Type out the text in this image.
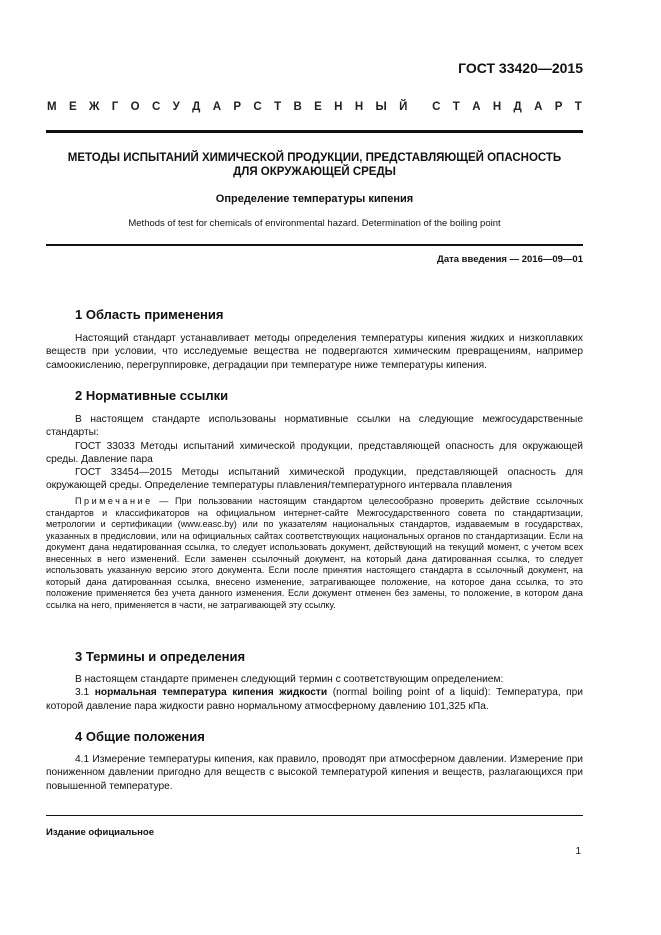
ГОСТ 33420—2015
М Е Ж Г О С У Д А Р С Т В Е Н Н Ы Й С Т А Н Д А Р Т
МЕТОДЫ ИСПЫТАНИЙ ХИМИЧЕСКОЙ ПРОДУКЦИИ, ПРЕДСТАВЛЯЮЩЕЙ ОПАСНОСТЬ
ДЛЯ ОКРУЖАЮЩЕЙ СРЕДЫ
Определение температуры кипения
Methods of test for chemicals of environmental hazard. Determination of the boiling point
Дата введения — 2016—09—01
1 Область применения

Настоящий стандарт устанавливает методы определения температуры кипения жидких и низкоплавких веществ при условии, что исследуемые вещества не подвергаются химическим превращениям, например самоокислению, перегруппировке, деградации при температуре ниже температуры кипения.

2 Нормативные ссылки

В настоящем стандарте использованы нормативные ссылки на следующие межгосударственные стандарты:

ГОСТ 33033 Методы испытаний химической продукции, представляющей опасность для окружающей среды. Давление пара

ГОСТ 33454—2015 Методы испытаний химической продукции, представляющей опасность для окружающей среды. Определение температуры плавления/температурного интервала плавления

Примечание — При пользовании настоящим стандартом целесообразно проверить действие ссылочных стандартов и классификаторов на официальном интернет-сайте Межгосударственного совета по стандартизации, метрологии и сертификации (www.easc.by) или по указателям национальных стандартов, издаваемым в государствах, указанных в предисловии, или на официальных сайтах соответствующих национальных органов по стандартизации. Если на документ дана недатированная ссылка, то следует использовать документ, действующий на текущий момент, с учетом всех внесенных в него изменений. Если заменен ссылочный документ, на который дана датированная ссылка, то следует использовать указанную версию этого документа. Если после принятия настоящего стандарта в ссылочный документ, на который дана датированная ссылка, внесено изменение, затрагивающее положение, на которое дана ссылка, то это положение применяется без учета данного изменения. Если документ отменен без замены, то положение, в котором дана ссылка на него, применяется в части, не затрагивающей эту ссылку.

3 Термины и определения

В настоящем стандарте применен следующий термин с соответствующим определением:

3.1 нормальная температура кипения жидкости (normal boiling point of a liquid): Температура, при которой давление пара жидкости равно нормальному атмосферному давлению 101,325 кПа.

4 Общие положения

4.1 Измерение температуры кипения, как правило, проводят при атмосферном давлении. Измерение при пониженном давлении пригодно для веществ с высокой температурой кипения и веществ, разлагающихся при повышенной температуре.

Издание официальное
1
